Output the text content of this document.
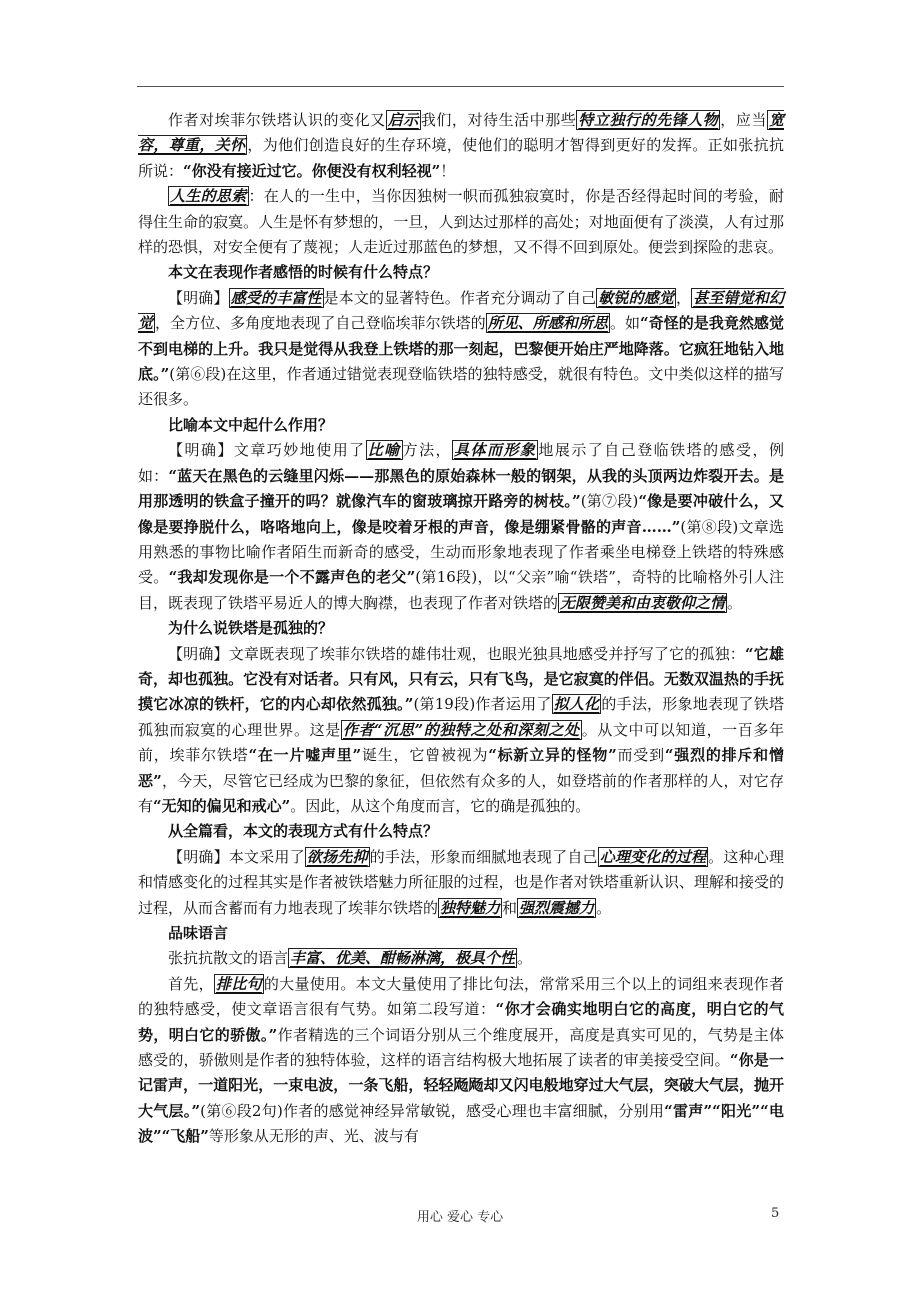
作者对埃菲尔铁塔认识的变化又 启示 我们，对待生活中那些 特立独行的先锋人物 ，应当 宽容，尊重，关怀 ，为他们创造良好的生存环境，使他们的聪明才智得到更好的发挥。正如张抗抗所说：“你没有接近过它。你便没有权利轻视”！

人生的思索 ：在人的一生中，当你因独树一帜而孤独寂寞时，你是否经得起时间的考验，耐得住生命的寂寞。人生是怀有梦想的，一旦，人到达过那样的高处；对地面便有了淡漠，人有过那样的恐惧，对安全便有了蔑视；人走近过那蓝色的梦想，又不得不回到原处。便尝到探险的悲哀。

本文在表现作者感悟的时候有什么特点？

【明确】 感受的丰富性 是本文的显著特色。作者充分调动了自己 敏锐的感觉 ， 甚至错觉和幻觉 ，全方位、多角度地表现了自己登临埃菲尔铁塔的 所见、所感和所思 。如“奇怪的是我竟然感觉不到电梯的上升。我只是觉得从我登上铁塔的那一刻起，巴黎便开始庄严地降落。它疯狂地钻入地底。”(第⑥段)在这里，作者通过错觉表现登临铁塔的独特感受，就很有特色。文中类似这样的描写还很多。

比喻本文中起什么作用？

【明确】文章巧妙地使用了 比喻 方法， 具体而形象 地展示了自己登临铁塔的感受，例如：“蓝天在黑色的云缝里闪烁——那黑色的原始森林一般的钢架，从我的头顶两边炸裂开去。是用那透明的铁盒子撞开的吗？就像汽车的窗玻璃掠开路旁的树枝。”(第⑦段)“像是要冲破什么，又像是要挣脱什么，咯咯地向上，像是咬着牙根的声音，像是绷紧骨骼的声音……”(第⑧段)文章选用熟悉的事物比喻作者陌生而新奇的感受，生动而形象地表现了作者乘坐电梯登上铁塔的特殊感受。“我却发现你是一个不露声色的老父”(第16段)，以“父亲”喻“铁塔”，奇特的比喻格外引人注目，既表现了铁塔平易近人的博大胸襟，也表现了作者对铁塔的 无限赞美和由衷敬仰之情 。

为什么说铁塔是孤独的？

【明确】文章既表现了埃菲尔铁塔的雄伟壮观，也眼光独具地感受并抒写了它的孤独：“它雄奇，却也孤独。它没有对话者。只有风，只有云，只有飞鸟，是它寂寞的伴侣。无数双温热的手抚摸它冰凉的铁杆，它的内心却依然孤独。”(第19段)作者运用了 拟人化 的手法，形象地表现了铁塔孤独而寂寞的心理世界。这是 作者“沉思”的独特之处和深刻之处 。从文中可以知道，一百多年前，埃菲尔铁塔“在一片嘘声里”诞生，它曾被视为“标新立异的怪物”而受到“强烈的排斥和憎恶”，今天，尽管它已经成为巴黎的象征，但依然有众多的人，如登塔前的作者那样的人，对它存有“无知的偏见和戒心”。因此，从这个角度而言，它的确是孤独的。

从全篇看，本文的表现方式有什么特点？

【明确】本文采用了 欲扬先抑 的手法，形象而细腻地表现了自己 心理变化的过程 。这种心理和情感变化的过程其实是作者被铁塔魅力所征服的过程，也是作者对铁塔重新认识、理解和接受的过程，从而含蓄而有力地表现了埃菲尔铁塔的 独特魅力 和 强烈震撼力 。

品味语言

张抗抗散文的语言 丰富、优美、酣畅淋漓，极具个性 。

首先， 排比句 的大量使用。本文大量使用了排比句法，常常采用三个以上的词组来表现作者的独特感受，使文章语言很有气势。如第二段写道：“你才会确实地明白它的高度，明白它的气势，明白它的骄傲。”作者精选的三个词语分别从三个维度展开，高度是真实可见的，气势是主体感受的，骄傲则是作者的独特体验，这样的语言结构极大地拓展了读者的审美接受空间。“你是一记雷声，一道阳光，一束电波，一条飞船，轻轻飏飏却又闪电般地穿过大气层，突破大气层，抛开大气层。”(第⑥段2句)作者的感觉神经异常敏锐，感受心理也丰富细腻，分别用“雷声”“阳光”“电波”“飞船”等形象从无形的声、光、波与有

用心 爱心 专心	5
